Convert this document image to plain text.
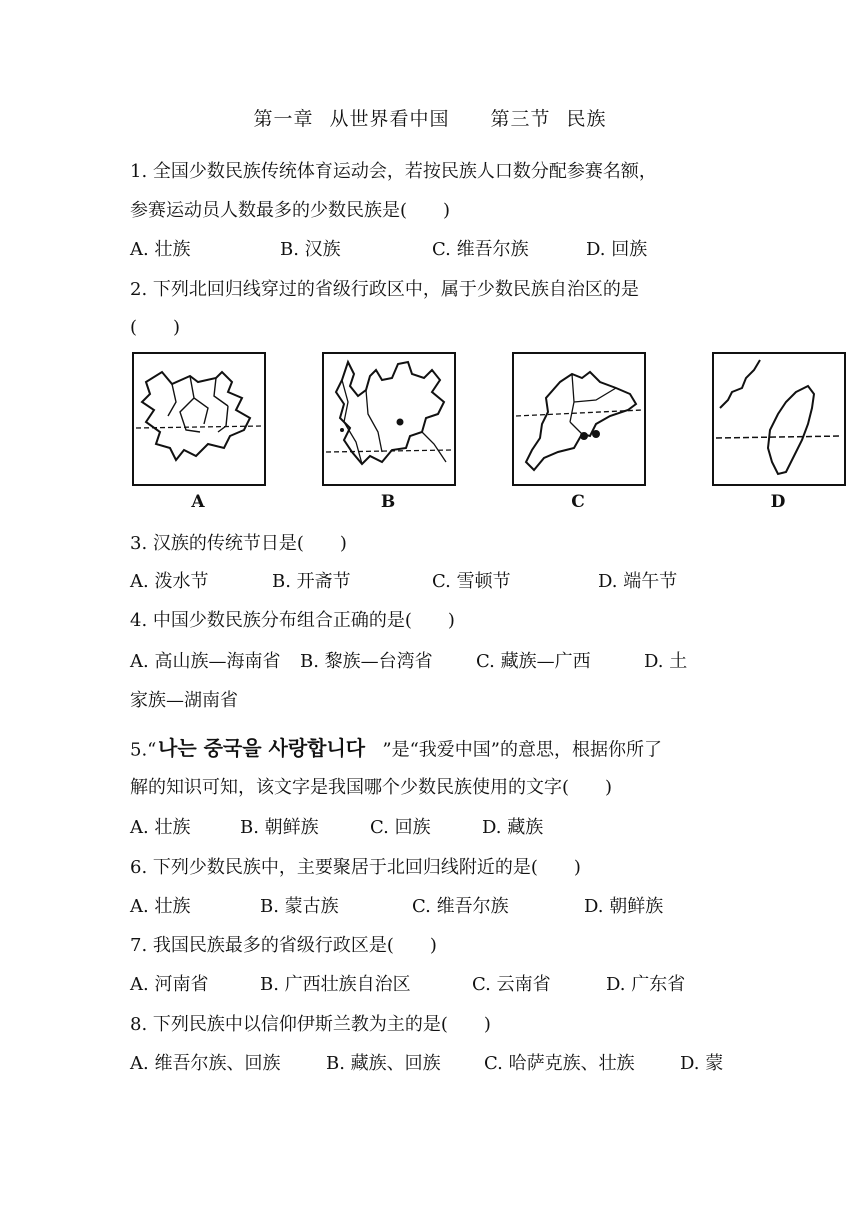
第一章 从世界看中国 第三节 民族
1. 全国少数民族传统体育运动会，若按民族人口数分配参赛名额，
参赛运动员人数最多的少数民族是(　　)
A. 壮族	B. 汉族	C. 维吾尔族	D. 回族
2. 下列北回归线穿过的省级行政区中，属于少数民族自治区的是
(　　)
A	B	C	D
3. 汉族的传统节日是(　　)
A. 泼水节	B. 开斋节	C. 雪顿节	D. 端午节
4. 中国少数民族分布组合正确的是(　　)
A. 高山族—海南省 B. 黎族—台湾省 C. 藏族—广西	D. 土
家族—湖南省
5.“ 나는 중국을 사랑합니다 ”是“我爱中国”的意思，根据你所了
解的知识可知，该文字是我国哪个少数民族使用的文字(　　)
A. 壮族	B. 朝鲜族	C. 回族	D. 藏族
6. 下列少数民族中，主要聚居于北回归线附近的是(　　)
A. 壮族	B. 蒙古族	C. 维吾尔族	D. 朝鲜族
7. 我国民族最多的省级行政区是(　　)
A. 河南省	B. 广西壮族自治区	C. 云南省	D. 广东省
8. 下列民族中以信仰伊斯兰教为主的是(　　)
A. 维吾尔族、回族	B. 藏族、回族 C. 哈萨克族、壮族	D. 蒙
